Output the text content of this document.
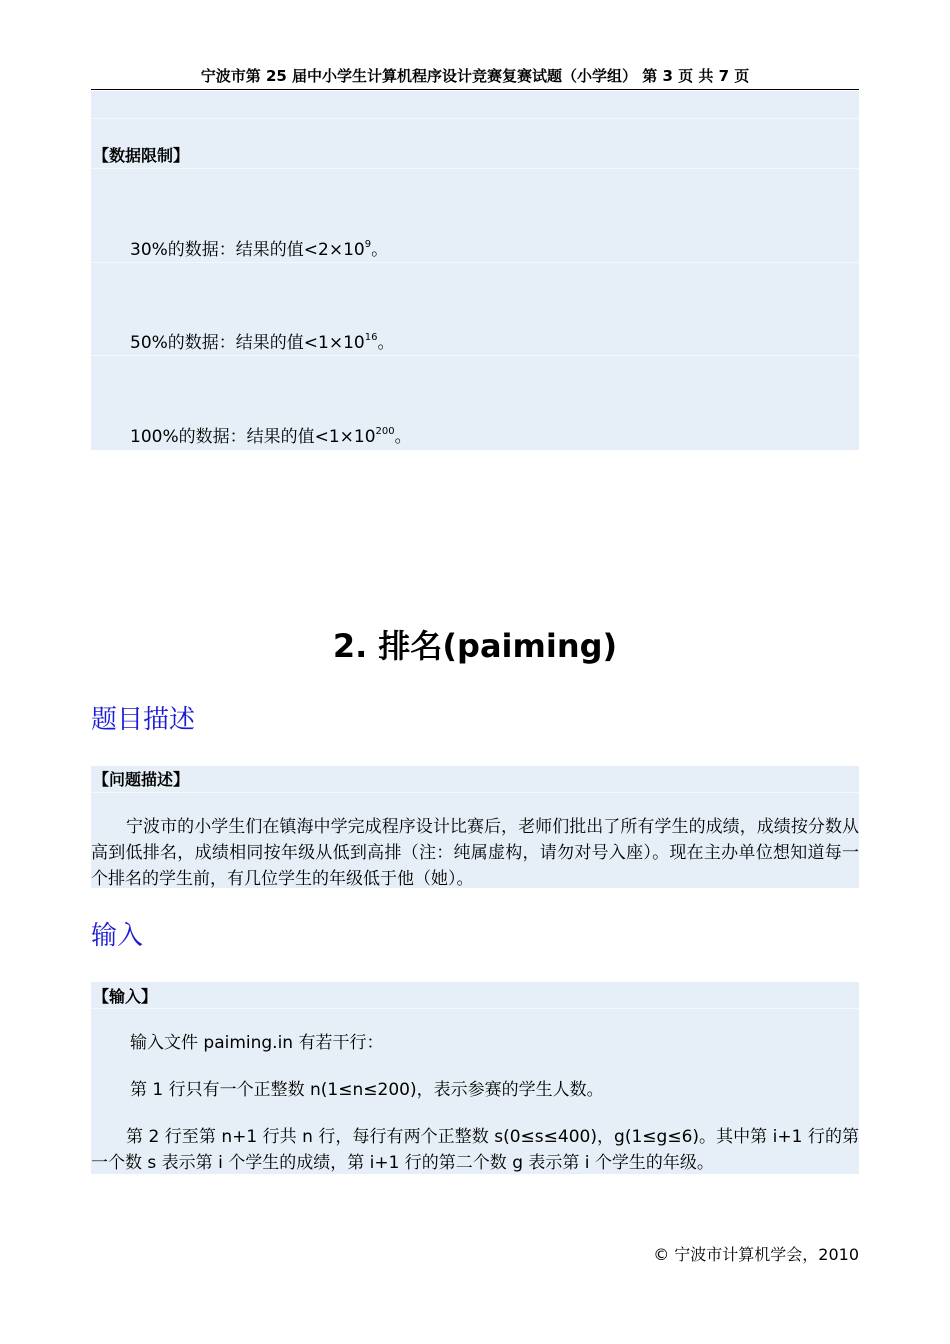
宁波市第 25 届中小学生计算机程序设计竞赛复赛试题（小学组） 第 3 页 共 7 页
【数据限制】
30%的数据：结果的值$<2\times 10^9$。
50%的数据：结果的值$<1\times 10^{16}$。
100%的数据：结果的值$<1\times 10^{200}$。
2. 排名(paiming)
题目描述
【问题描述】

宁波市的小学生们在镇海中学完成程序设计比赛后，老师们批出了所有学生的成绩，成绩按分数从高到低排名，成绩相同按年级从低到高排（注：纯属虚构，请勿对号入座）。现在主办单位想知道每一个排名的学生前，有几位学生的年级低于他（她）。

输入
【输入】
输入文件 paiming.in 有若干行：
第 1 行只有一个正整数 n(1≤n≤200)，表示参赛的学生人数。

第 2 行至第 n+1 行共 n 行，每行有两个正整数 s(0≤s≤400)，g(1≤g≤6)。其中第 i+1 行的第一个数 s 表示第 i 个学生的成绩，第 i+1 行的第二个数 g 表示第 i 个学生的年级。

© 宁波市计算机学会，2010
